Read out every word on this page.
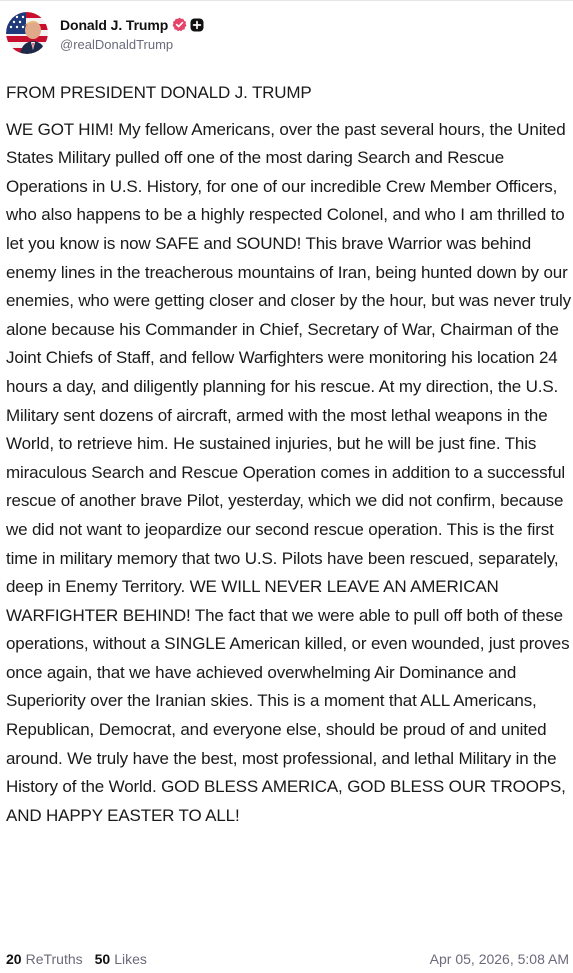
Donald J. Trump
@realDonaldTrump

FROM PRESIDENT DONALD J. TRUMP

WE GOT HIM! My fellow Americans, over the past several hours, the United States Military pulled off one of the most daring Search and Rescue Operations in U.S. History, for one of our incredible Crew Member Officers, who also happens to be a highly respected Colonel, and who I am thrilled to let you know is now SAFE and SOUND! This brave Warrior was behind enemy lines in the treacherous mountains of Iran, being hunted down by our enemies, who were getting closer and closer by the hour, but was never truly alone because his Commander in Chief, Secretary of War, Chairman of the Joint Chiefs of Staff, and fellow Warfighters were monitoring his location 24 hours a day, and diligently planning for his rescue. At my direction, the U.S. Military sent dozens of aircraft, armed with the most lethal weapons in the World, to retrieve him. He sustained injuries, but he will be just fine. This miraculous Search and Rescue Operation comes in addition to a successful rescue of another brave Pilot, yesterday, which we did not confirm, because we did not want to jeopardize our second rescue operation. This is the first time in military memory that two U.S. Pilots have been rescued, separately, deep in Enemy Territory. WE WILL NEVER LEAVE AN AMERICAN WARFIGHTER BEHIND! The fact that we were able to pull off both of these operations, without a SINGLE American killed, or even wounded, just proves once again, that we have achieved overwhelming Air Dominance and Superiority over the Iranian skies. This is a moment that ALL Americans, Republican, Democrat, and everyone else, should be proud of and united around. We truly have the best, most professional, and lethal Military in the History of the World. GOD BLESS AMERICA, GOD BLESS OUR TROOPS, AND HAPPY EASTER TO ALL!

20 ReTruths 50 Likes	Apr 05, 2026, 5:08 AM
